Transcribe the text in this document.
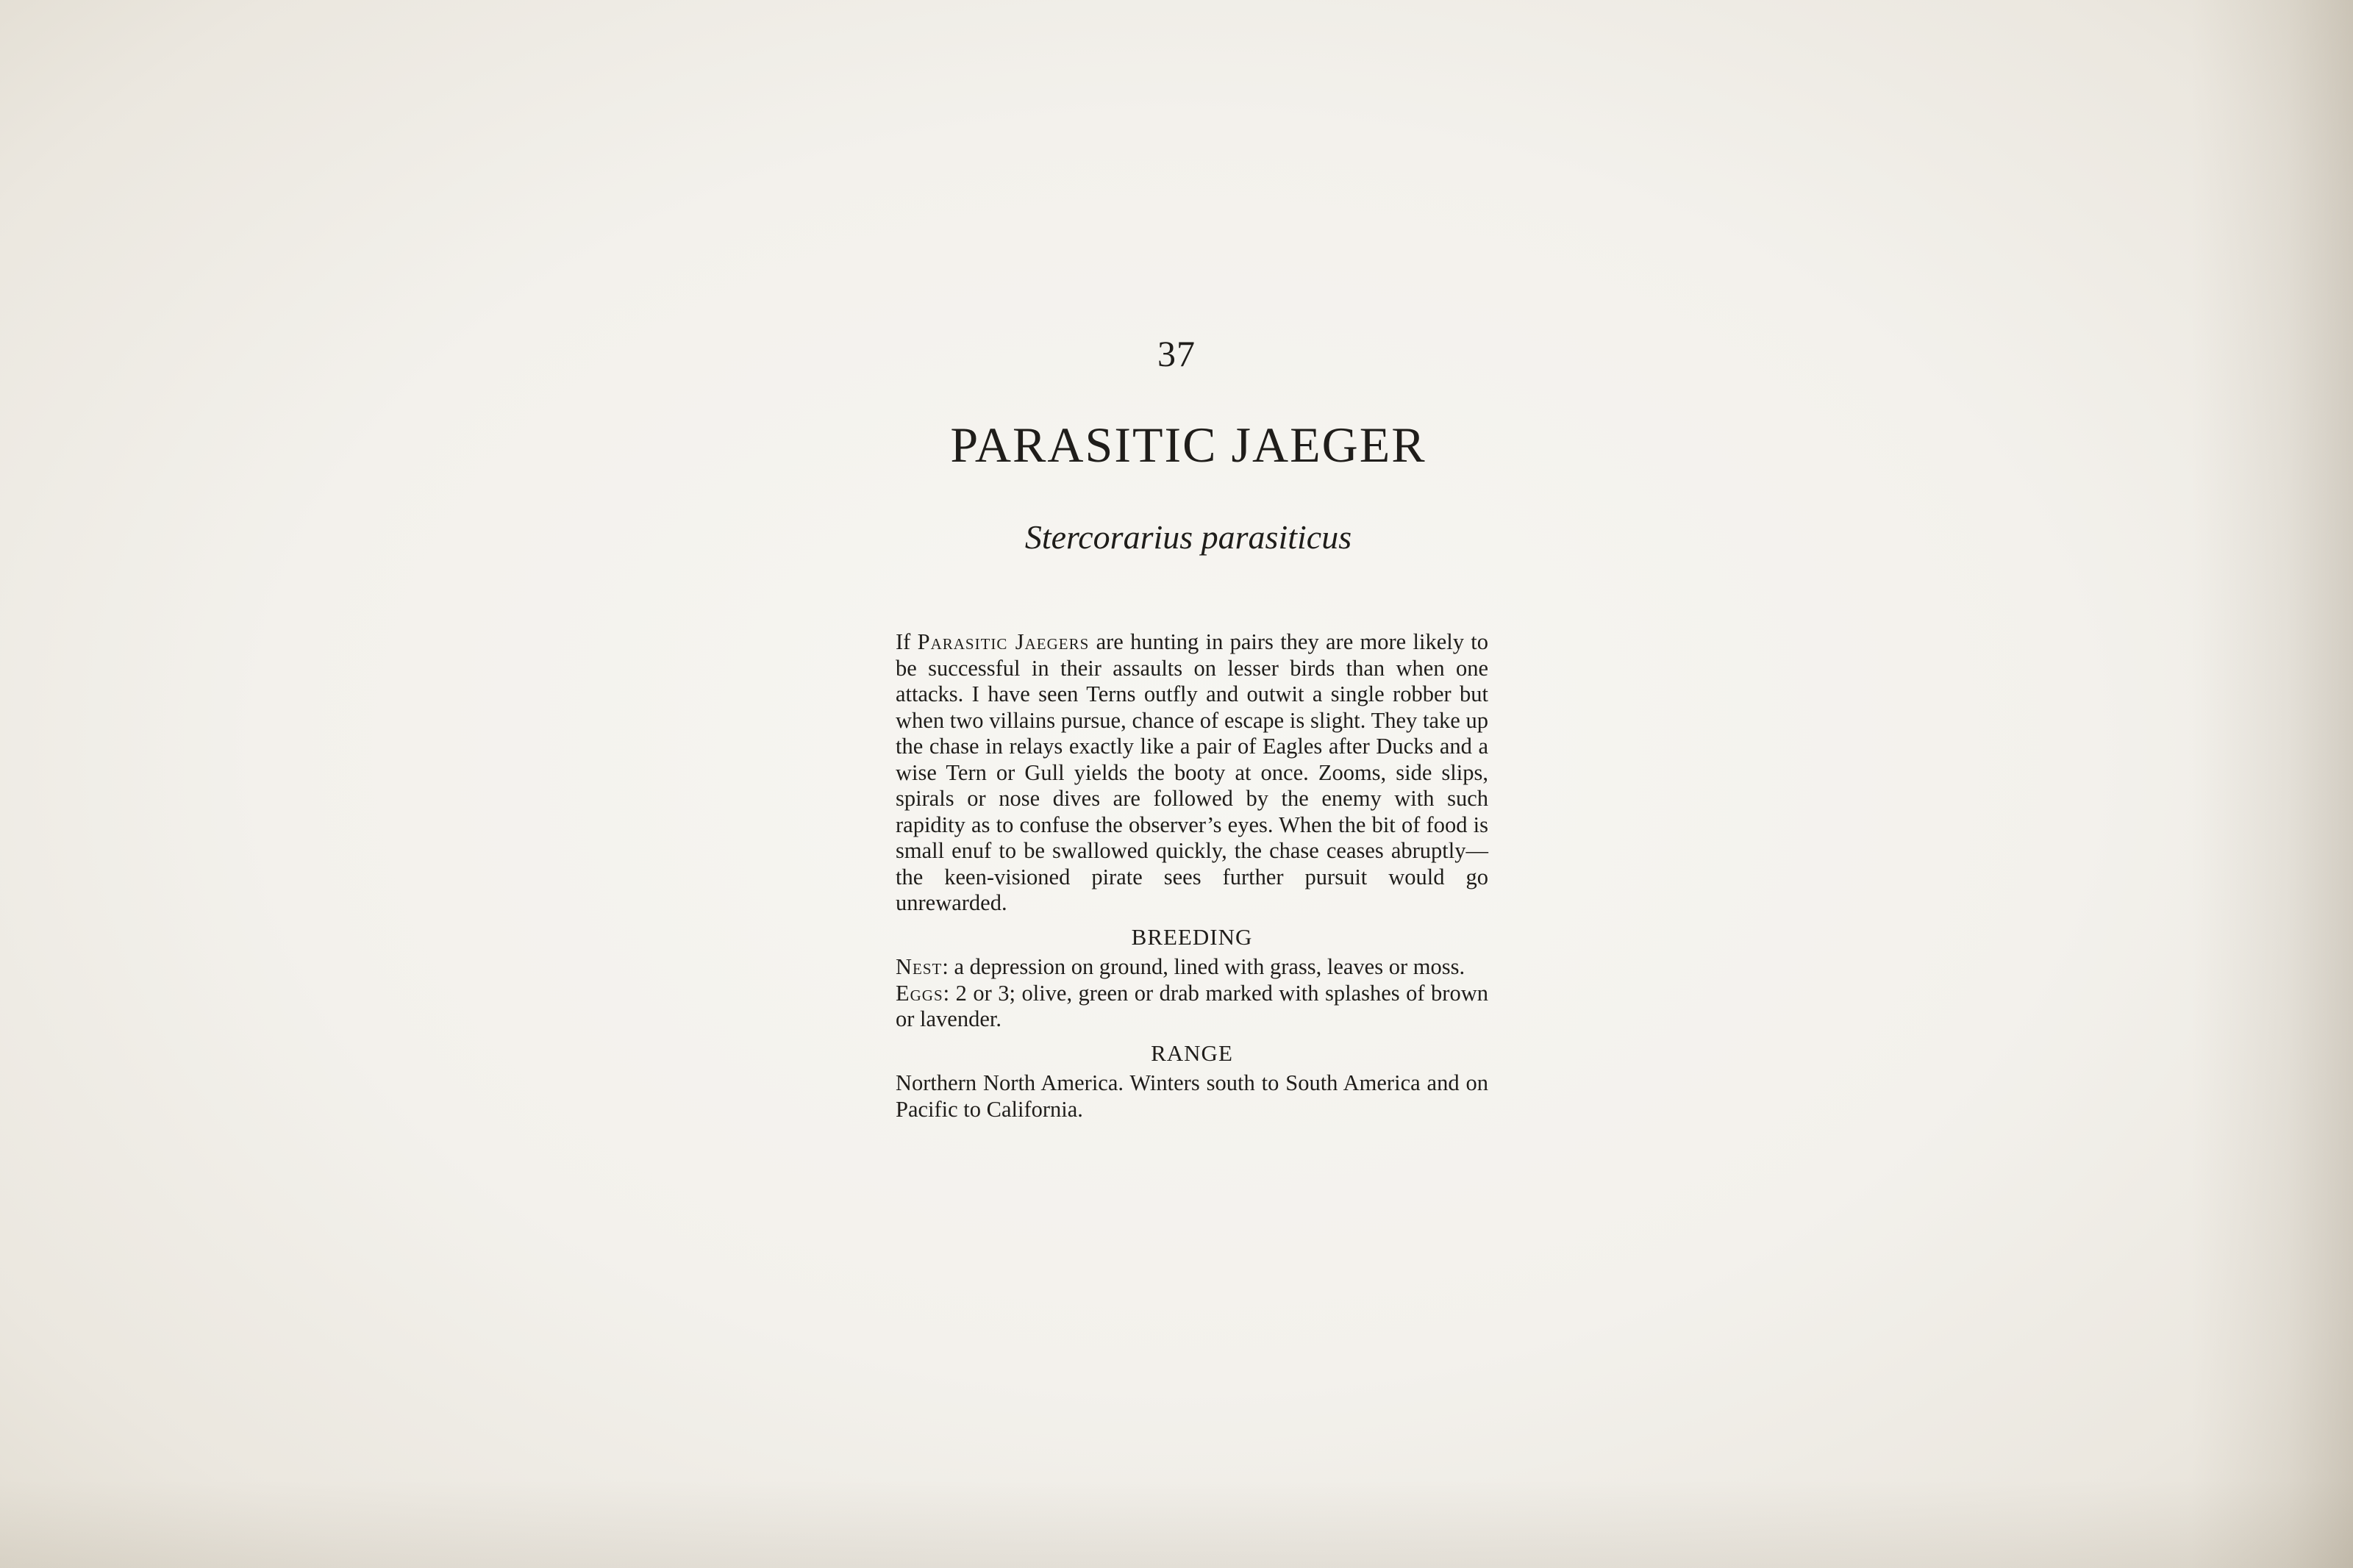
37
PARASITIC JAEGER
Stercorarius parasiticus

If Parasitic Jaegers are hunting in pairs they are more likely to be successful in their assaults on lesser birds than when one attacks. I have seen Terns outfly and outwit a single robber but when two villains pursue, chance of escape is slight. They take up the chase in relays exactly like a pair of Eagles after Ducks and a wise Tern or Gull yields the booty at once. Zooms, side slips, spirals or nose dives are followed by the enemy with such rapidity as to confuse the observer’s eyes. When the bit of food is small enuf to be swallowed quickly, the chase ceases abruptly—the keen-visioned pirate sees further pursuit would go unrewarded.

BREEDING

Nest: a depression on ground, lined with grass, leaves or moss.

Eggs: 2 or 3; olive, green or drab marked with splashes of brown or lavender.

RANGE

Northern North America. Winters south to South America and on Pacific to California.
